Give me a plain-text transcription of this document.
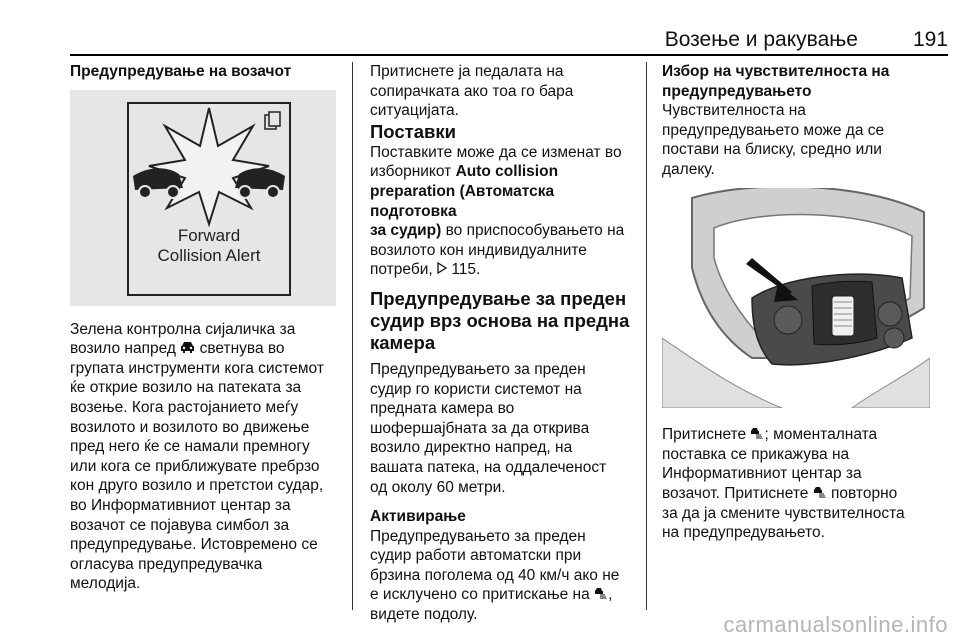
Возење и ракување	191

Предупредување на возачот

Forward
Collision Alert

Зелена контролна сијаличка за

возило напред светнува во

групата инструменти кога системот

ќе открие возило на патеката за

возење. Кога растојанието меѓу

возилото и возилото во движење

пред него ќе се намали премногу

или кога се приближувате пребрзо

кон друго возило и претстои судар,

во Информативниот центар за

возачот се појавува симбол за

предупредување. Истовремено се

огласува предупредувачка

мелодија.

Притиснете ја педалата на

сопирачката ако тоа го бара

ситуацијата.

Поставки

Поставките може да се изменат во

изборникот Auto collision

preparation (Автоматска подготовка

за судир) во приспособувањето на

возилото кон индивидуалните

потреби, 115.

Предупредување за преден
судир врз основа на предна
камера

Предупредувањето за преден

судир го користи системот на

предната камера во

шофершајбната за да открива

возило директно напред, на

вашата патека, на оддалеченост

од околу 60 метри.

Активирање

Предупредувањето за преден

судир работи автоматски при

брзина поголема од 40 км/ч ако не

е исклучено со притискање на ,

видете подолу.

Избор на чувствителноста на

предупредувањето

Чувствителноста на

предупредувањето може да се

постави на блиску, средно или

далеку.

Притиснете ; моменталната

поставка се прикажува на

Информативниот центар за

возачот. Притиснете повторно

за да ја смените чувствителноста

на предупредувањето.

carmanualsonline.info
